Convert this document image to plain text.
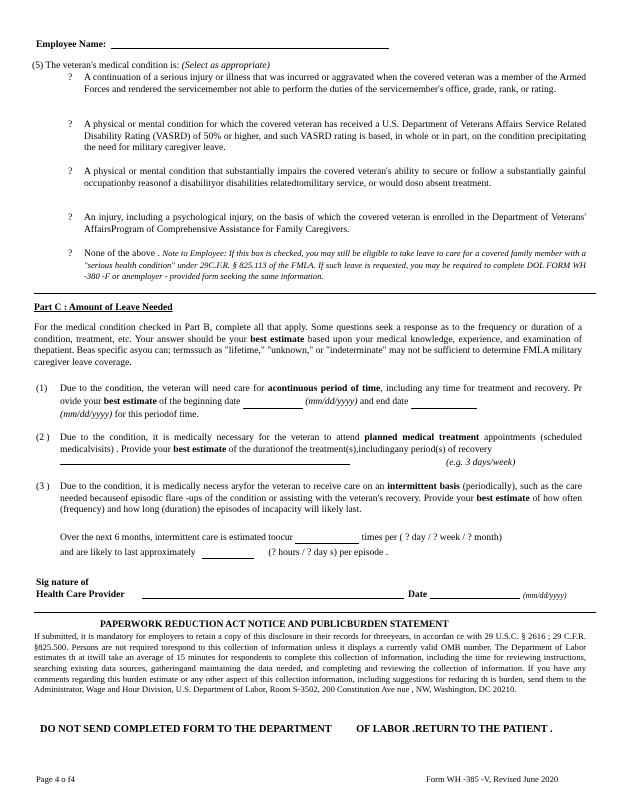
Employee Name:
(5) The veteran's medical condition is: (Select as appropriate)
?	A continuation of a serious injury or illness that was incurred or aggravated when the covered veteran was a member of the Armed Forces and rendered the servicemember not able to perform the duties of the servicemember's office, grade, rank, or rating.
?	A physical or mental condition for which the covered veteran has received a U.S. Department of Veterans Affairs Service Related Disability Rating (VASRD) of 50% or higher, and such VASRD rating is based, in whole or in part, on the condition precipitating the need for military caregiver leave.
?	A physical or mental condition that substantially impairs the covered veteran's ability to secure or follow a substantially gainful occupationby reasonof a disabilityor disabilities relatedtomilitary service, or would doso absent treatment.
?	An injury, including a psychological injury, on the basis of which the covered veteran is enrolled in the Department of Veterans' AffairsProgram of Comprehensive Assistance for Family Caregivers.
?	None of the above . Note to Employee: If this box is checked, you may still be eligible to take leave to care for a covered family member with a "serious health condition" under 29C.F.R. § 825.113 of the FMLA. If such leave is requested, you may be required to complete DOL FORM WH -380 -F or anemployer - provided form seeking the same information.
Part C : Amount of Leave Needed
For the medical condition checked in Part B, complete all that apply. Some questions seek a response as to the frequency or duration of a condition, treatment, etc. Your answer should be your best estimate based upon your medical knowledge, experience, and examination of thepatient. Beas specific asyou can; termssuch as "lifetime," "unknown," or "indeterminate" may not be sufficient to determine FMLA military caregiver leave coverage.
(1) Due to the condition, the veteran will need care for acontinuous period of time, including any time for treatment and recovery. Pr ovide your best estimate of the beginning date	(mm/dd/yyyy) and end date
(mm/dd/yyyy) for this periodof time.
(2 ) Due to the condition, it is medically necessary for the veteran to attend planned medical treatment appointments (scheduled medicalvisits) . Provide your best estimate of the durationof the treatment(s),includingany period(s) of recovery
(e.g. 3 days/week)
(3 ) Due to the condition, it is medically necess aryfor the veteran to receive care on an intermittent basis (periodically), such as the care needed becauseof episodic flare -ups of the condition or assisting with the veteran's recovery. Provide your best estimate of how often (frequency) and how long (duration) the episodes of incapacity will likely last.
Over the next 6 months, intermittent care is estimated toocur	times per ( ? day / ? week / ? month)
and are likely to last approximately	(? hours / ? day s) per episode .
Sig nature of
Health Care Provider	Date	(mm/dd/yyyy)
PAPERWORK REDUCTION ACT NOTICE AND PUBLICBURDEN STATEMENT
If submitted, it is mandatory for employers to retain a copy of this disclosure in their records for threeyears, in accordan ce with 29 U.S.C. § 2616 ; 29 C.F.R. §825.500. Persons are not required torespond to this collection of information unless it displays a currently valid OMB number. The Department of Labor estimates th at itwill take an average of 15 minutes for respondents to complete this collection of information, including the time for reviewing instructions, searching existing data sources, gatheringand maintaining the data needed, and completing and reviewing the collection of information. If you have any comments regarding this burden estimate or any other aspect of this collection information, including suggestions for reducing th is burden, send them to the Administrator, Wage and Hour Division, U.S. Department of Labor, Room S-3502, 200 Constitution Ave nue , NW, Washington, DC 20210.
DO NOT SEND COMPLETED FORM TO THE DEPARTMENT OF LABOR .RETURN TO THE PATIENT .
Page 4 o f4	Form WH -385 -V, Revised June 2020
